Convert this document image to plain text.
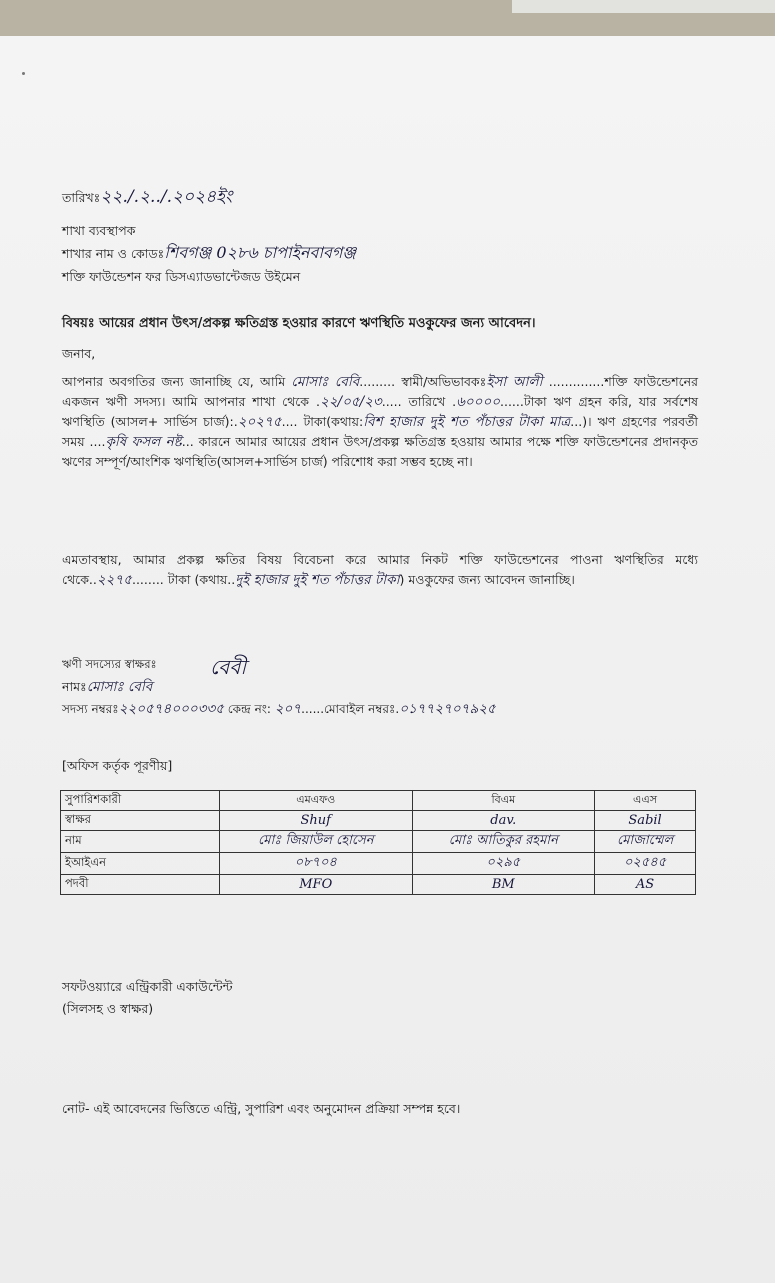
তারিখঃ২২./.২../.২০২৪ইং
শাখা ব্যবস্থাপক
শাখার নাম ও কোডঃশিবগঞ্জ 0২৮৬ চাপাইনবাবগঞ্জ
শক্তি ফাউন্ডেশন ফর ডিসএ্যাডভান্টেজড উইমেন
বিষয়ঃ আয়ের প্রধান উৎস/প্রকল্প ক্ষতিগ্রস্ত হওয়ার কারণে ঋণস্থিতি মওকুফের জন্য আবেদন।
জনাব,
আপনার অবগতির জন্য জানাচ্ছি যে, আমি মোসাঃ বেবি......... স্বামী/অভিভাবকঃইসা আলী ..............শক্তি ফাউন্ডেশনের একজন ঋণী সদস্য। আমি আপনার শাখা থেকে .২২/০৫/২৩..... তারিখে .৬০০০০......টাকা ঋণ গ্রহন করি, যার সর্বশেষ ঋণস্থিতি (আসল+ সার্ভিস চার্জ):.২০২৭৫.... টাকা(কথায়:বিশ হাজার দুই শত পঁচাত্তর টাকা মাত্র...)। ঋণ গ্রহণের পরবর্তী সময় ....কৃষি ফসল নষ্ট... কারনে আমার আয়ের প্রধান উৎস/প্রকল্প ক্ষতিগ্রস্ত হওয়ায় আমার পক্ষে শক্তি ফাউন্ডেশনের প্রদানকৃত ঋণের সম্পূর্ণ/আংশিক ঋণস্থিতি(আসল+সার্ভিস চার্জ) পরিশোধ করা সম্ভব হচ্ছে না।
এমতাবস্থায়, আমার প্রকল্প ক্ষতির বিষয় বিবেচনা করে আমার নিকট শক্তি ফাউন্ডেশনের পাওনা ঋণস্থিতির মধ্যে থেকে..২২৭৫........ টাকা (কথায়..দুই হাজার দুই শত পঁচাত্তর টাকা) মওকুফের জন্য আবেদন জানাচ্ছি।
ঋণী সদস্যের স্বাক্ষরঃ	বেবী
নামঃমোসাঃ বেবি
সদস্য নম্বরঃ২২০৫৭৪০০০৩৩৫ কেন্দ্র নং: ২০৭......মোবাইল নম্বরঃ.০১৭৭২৭০৭৯২৫
[অফিস কর্তৃক পূরণীয়]
সুপারিশকারী	এমএফও	বিএম	এএস
স্বাক্ষর	Shuf	dav.	Sabil
নাম	মোঃ জিয়াউল হোসেন	মোঃ আতিকুর রহমান	মোজাম্মেল
ইআইএন	০৮৭০৪	০২৯৫	০২৫৪৫
পদবী	MFO	BM	AS
সফটওয়্যারে এন্ট্রিকারী একাউন্টেন্ট
(সিলসহ ও স্বাক্ষর)
নোট- এই আবেদনের ভিত্তিতে এন্ট্রি, সুপারিশ এবং অনুমোদন প্রক্রিয়া সম্পন্ন হবে।
